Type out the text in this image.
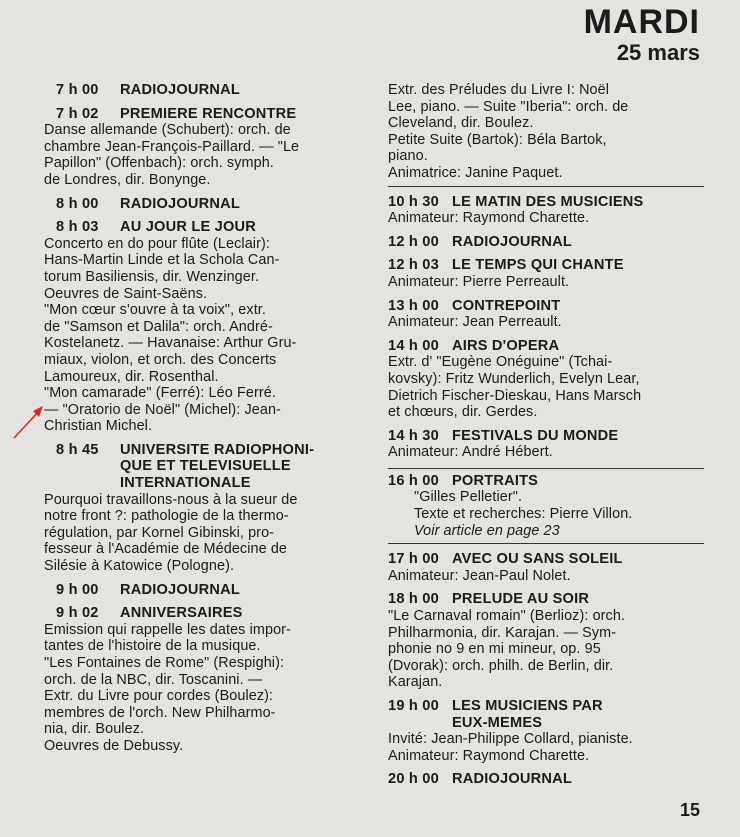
MARDI
25 mars
7 h 00	RADIOJOURNAL
7 h 02	PREMIERE RENCONTRE
Danse allemande (Schubert): orch. de
chambre Jean-François-Paillard. — "Le
Papillon" (Offenbach): orch. symph.
de Londres, dir. Bonynge.
8 h 00	RADIOJOURNAL
8 h 03	AU JOUR LE JOUR
Concerto en do pour flûte (Leclair):
Hans-Martin Linde et la Schola Can-
torum Basiliensis, dir. Wenzinger.
Oeuvres de Saint-Saëns.
"Mon cœur s'ouvre à ta voix", extr.
de "Samson et Dalila": orch. André-
Kostelanetz. — Havanaise: Arthur Gru-
miaux, violon, et orch. des Concerts
Lamoureux, dir. Rosenthal.
"Mon camarade" (Ferré): Léo Ferré.
— "Oratorio de Noël" (Michel): Jean-
Christian Michel.
8 h 45	UNIVERSITE RADIOPHONI-
QUE ET TELEVISUELLE
INTERNATIONALE
Pourquoi travaillons-nous à la sueur de
notre front ?: pathologie de la thermo-
régulation, par Kornel Gibinski, pro-
fesseur à l'Académie de Médecine de
Silésie à Katowice (Pologne).
9 h 00	RADIOJOURNAL
9 h 02	ANNIVERSAIRES
Emission qui rappelle les dates impor-
tantes de l'histoire de la musique.
"Les Fontaines de Rome" (Respighi):
orch. de la NBC, dir. Toscanini. —
Extr. du Livre pour cordes (Boulez):
membres de l'orch. New Philharmo-
nia, dir. Boulez.
Oeuvres de Debussy.
Extr. des Préludes du Livre I: Noël
Lee, piano. — Suite "Iberia": orch. de
Cleveland, dir. Boulez.
Petite Suite (Bartok): Béla Bartok,
piano.
Animatrice: Janine Paquet.
10 h 30 LE MATIN DES MUSICIENS
Animateur: Raymond Charette.
12 h 00 RADIOJOURNAL
12 h 03 LE TEMPS QUI CHANTE
Animateur: Pierre Perreault.
13 h 00 CONTREPOINT
Animateur: Jean Perreault.
14 h 00 AIRS D'OPERA
Extr. d' "Eugène Onéguine" (Tchai-
kovsky): Fritz Wunderlich, Evelyn Lear,
Dietrich Fischer-Dieskau, Hans Marsch
et chœurs, dir. Gerdes.
14 h 30 FESTIVALS DU MONDE
Animateur: André Hébert.
16 h 00 PORTRAITS
"Gilles Pelletier".
Texte et recherches: Pierre Villon.
Voir article en page 23
17 h 00 AVEC OU SANS SOLEIL
Animateur: Jean-Paul Nolet.
18 h 00 PRELUDE AU SOIR
"Le Carnaval romain" (Berlioz): orch.
Philharmonia, dir. Karajan. — Sym-
phonie no 9 en mi mineur, op. 95
(Dvorak): orch. philh. de Berlin, dir.
Karajan.
19 h 00 LES MUSICIENS PAR
EUX-MEMES
Invité: Jean-Philippe Collard, pianiste.
Animateur: Raymond Charette.
20 h 00 RADIOJOURNAL
15
